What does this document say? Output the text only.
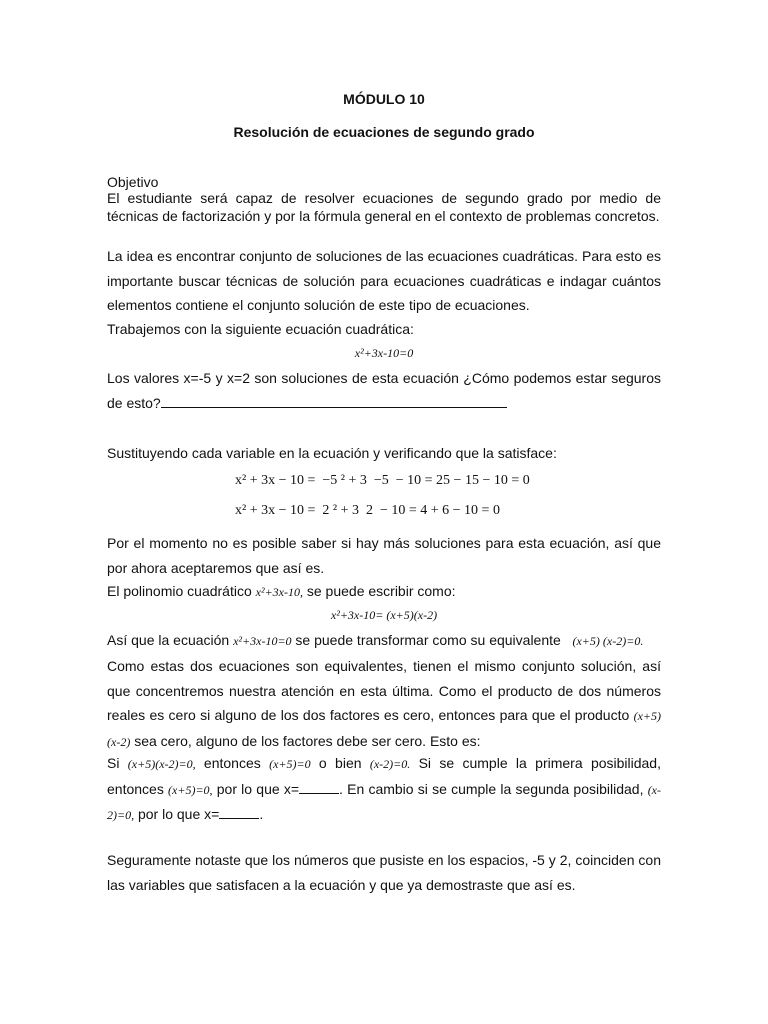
MÓDULO 10
Resolución de ecuaciones de segundo grado
Objetivo
El estudiante será capaz de resolver ecuaciones de segundo grado por medio de técnicas de factorización y por la fórmula general en el contexto de problemas concretos.
La idea es encontrar conjunto de soluciones de las ecuaciones cuadráticas. Para esto es importante buscar técnicas de solución para ecuaciones cuadráticas e indagar cuántos elementos contiene el conjunto solución de este tipo de ecuaciones.
Trabajemos con la siguiente ecuación cuadrática:
x²+3x-10=0
Los valores x=-5 y x=2 son soluciones de esta ecuación ¿Cómo podemos estar seguros de esto?
Sustituyendo cada variable en la ecuación y verificando que la satisface:
x² + 3x − 10 =  −5 ² + 3  −5  − 10 = 25 − 15 − 10 = 0
x² + 3x − 10 =  2 ² + 3  2  − 10 = 4 + 6 − 10 = 0
Por el momento no es posible saber si hay más soluciones para esta ecuación, así que por ahora aceptaremos que así es.
El polinomio cuadrático x²+3x-10, se puede escribir como:
x²+3x-10= (x+5)(x-2)
Así que la ecuación x²+3x-10=0 se puede transformar como su equivalente   (x+5) (x-2)=0.
Como estas dos ecuaciones son equivalentes, tienen el mismo conjunto solución, así que concentremos nuestra atención en esta última. Como el producto de dos números reales es cero si alguno de los dos factores es cero, entonces para que el producto (x+5)(x-2) sea cero, alguno de los factores debe ser cero. Esto es:
Si (x+5)(x-2)=0, entonces (x+5)=0 o bien (x-2)=0. Si se cumple la primera posibilidad, entonces (x+5)=0, por lo que x=	. En cambio si se cumple la segunda posibilidad, (x-2)=0, por lo que x=	.
Seguramente notaste que los números que pusiste en los espacios, -5 y 2, coinciden con las variables que satisfacen a la ecuación y que ya demostraste que así es.
